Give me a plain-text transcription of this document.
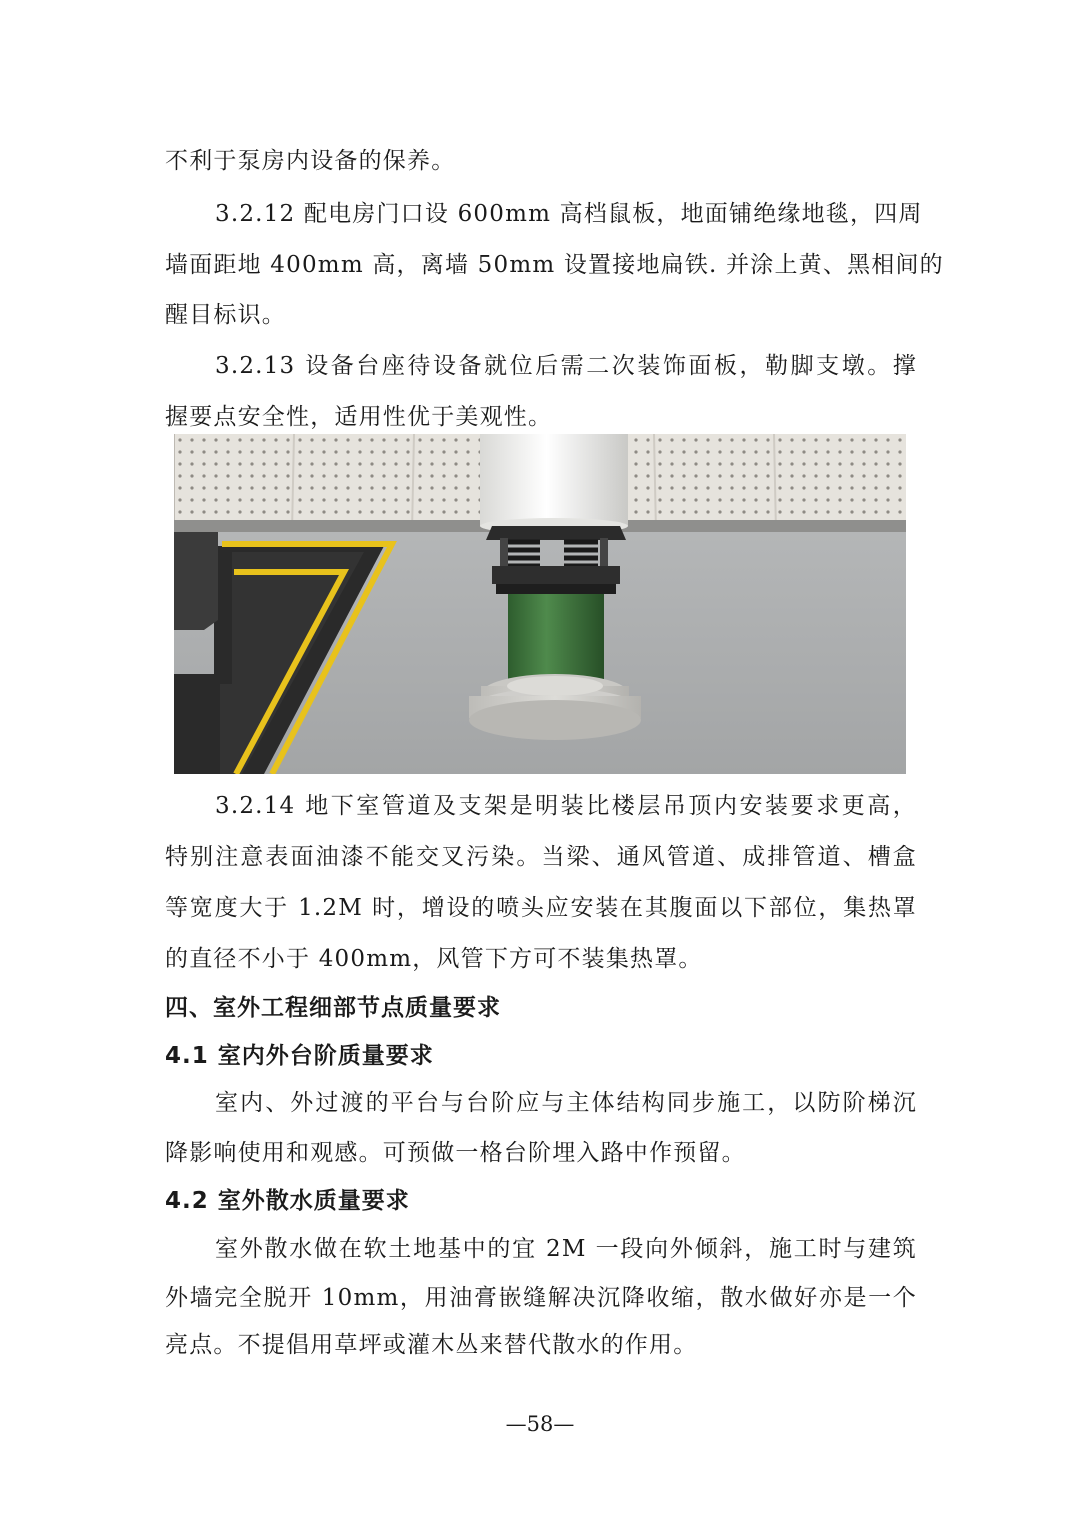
不利于泵房内设备的保养。
3.2.12 配电房门口设 600mm 高档鼠板，地面铺绝缘地毯，四周
墙面距地 400mm 高，离墙 50mm 设置接地扁铁. 并涂上黄、黑相间的
醒目标识。
3.2.13 设备台座待设备就位后需二次装饰面板，勒脚支墩。撑
握要点安全性，适用性优于美观性。
3.2.14 地下室管道及支架是明装比楼层吊顶内安装要求更高，
特别注意表面油漆不能交叉污染。当梁、通风管道、成排管道、槽盒
等宽度大于 1.2M 时，增设的喷头应安装在其腹面以下部位，集热罩
的直径不小于 400mm，风管下方可不装集热罩。
四、室外工程细部节点质量要求
4.1 室内外台阶质量要求
室内、外过渡的平台与台阶应与主体结构同步施工，以防阶梯沉
降影响使用和观感。可预做一格台阶埋入路中作预留。
4.2 室外散水质量要求
室外散水做在软土地基中的宜 2M 一段向外倾斜，施工时与建筑
外墙完全脱开 10mm，用油膏嵌缝解决沉降收缩，散水做好亦是一个
亮点。不提倡用草坪或灌木丛来替代散水的作用。
—58—
